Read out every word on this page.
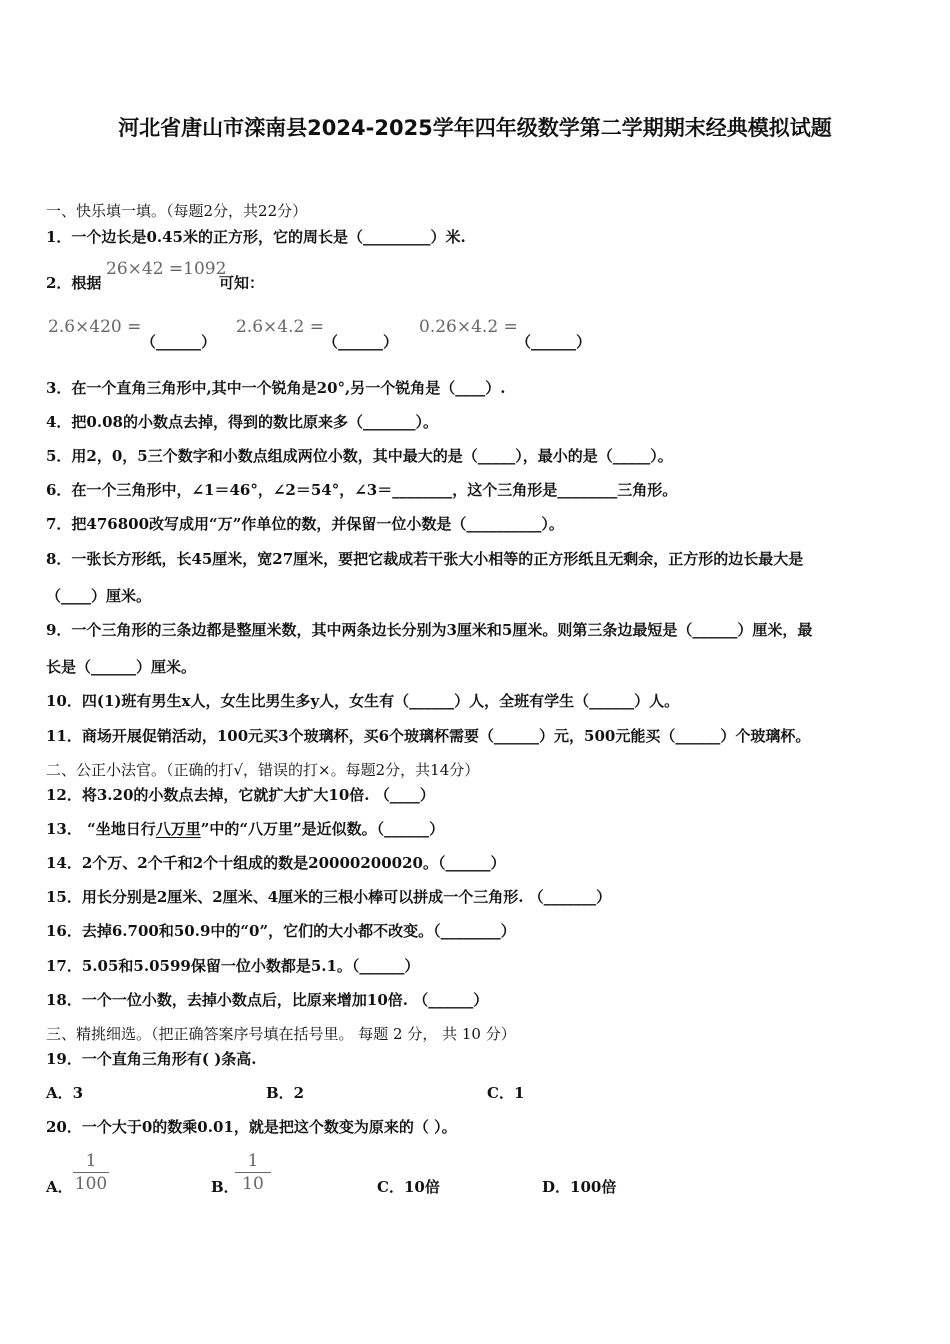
河北省唐山市滦南县2024-2025学年四年级数学第二学期期末经典模拟试题
一、快乐填一填。（每题2分，共22分）
1．一个边长是0.45米的正方形，它的周长是（_________）米.
2．根据
26×42 =1092
可知：
2.6×420 =
（______）
2.6×4.2 =
（______）
0.26×4.2 =
（______）
3．在一个直角三角形中,其中一个锐角是20°,另一个锐角是（____）.
4．把0.08的小数点去掉，得到的数比原来多（_______）。
5．用2，0，5三个数字和小数点组成两位小数，其中最大的是（_____），最小的是（_____）。
6．在一个三角形中，∠1＝46°，∠2＝54°，∠3＝________，这个三角形是________三角形。
7．把476800改写成用“万”作单位的数，并保留一位小数是（__________）。
8．一张长方形纸，长45厘米，宽27厘米，要把它裁成若干张大小相等的正方形纸且无剩余，正方形的边长最大是
（____）厘米。
9．一个三角形的三条边都是整厘米数，其中两条边长分别为3厘米和5厘米。则第三条边最短是（______）厘米，最
长是（______）厘米。
10．四(1)班有男生x人，女生比男生多y人，女生有（______）人，全班有学生（______）人。
11．商场开展促销活动，100元买3个玻璃杯，买6个玻璃杯需要（______）元，500元能买（______）个玻璃杯。
二、公正小法官。（正确的打√，错误的打×。每题2分，共14分）
12．将3.20的小数点去掉，它就扩大扩大10倍. （____）
13． “坐地日行八万里”中的“八万里”是近似数。（______）
14．2个万、2个千和2个十组成的数是20000200020。（______）
15．用长分别是2厘米、2厘米、4厘米的三根小棒可以拼成一个三角形. （_______）
16．去掉6.700和50.9中的“0”，它们的大小都不改变。（________）
17．5.05和5.0599保留一位小数都是5.1。（______）
18．一个一位小数，去掉小数点后，比原来增加10倍. （______）
三、精挑细选。（把正确答案序号填在括号里。 每题 2 分， 共 10 分）
19．一个直角三角形有( )条高.
A．3	B．2	C．1
20．一个大于0的数乘0.01，就是把这个数变为原来的（ ）。
A． $\frac{1}{100}$	B．
$\frac{1}{10}$	C．10倍	D．100倍
